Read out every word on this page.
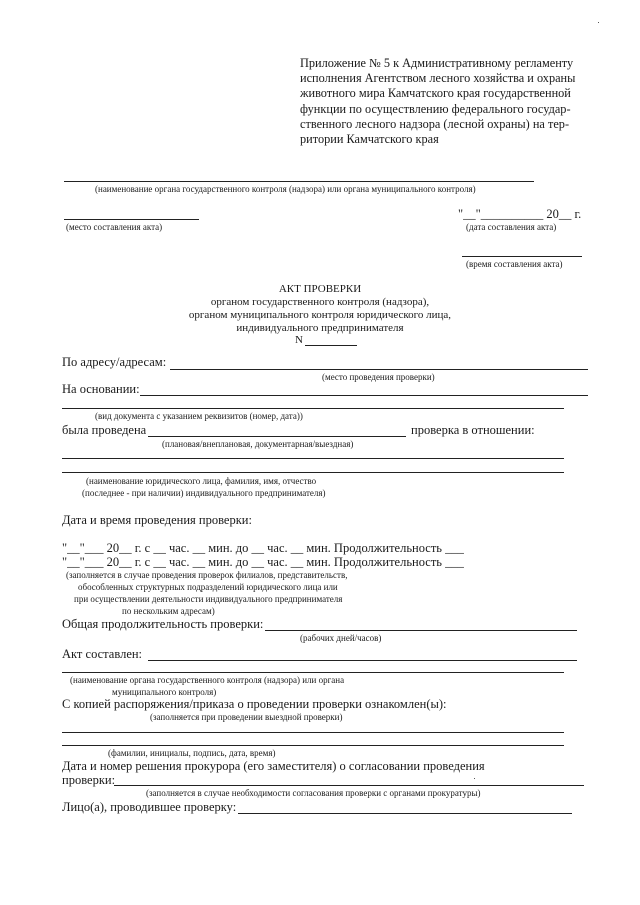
Приложение № 5 к Административному регламенту
исполнения Агентством лесного хозяйства и охраны
животного мира Камчатского края государственной
функции по осуществлению федерального государ-
ственного лесного надзора (лесной охраны) на тер-
ритории Камчатского края
(наименование органа государственного контроля (надзора) или органа муниципального контроля)
"__"__________ 20__ г.
(место составления акта)	(дата составления акта)
(время составления акта)
АКТ ПРОВЕРКИ
органом государственного контроля (надзора),
органом муниципального контроля юридического лица,
индивидуального предпринимателя
N
По адресу/адресам:
(место проведения проверки)
На основании:
(вид документа с указанием реквизитов (номер, дата))
была проведена	проверка в отношении:
(плановая/внеплановая, документарная/выездная)
(наименование юридического лица, фамилия, имя, отчество
(последнее - при наличии) индивидуального предпринимателя)
Дата и время проведения проверки:
"__"___ 20__ г. с __ час. __ мин. до __ час. __ мин. Продолжительность ___
"__"___ 20__ г. с __ час. __ мин. до __ час. __ мин. Продолжительность ___
(заполняется в случае проведения проверок филиалов, представительств,
обособленных структурных подразделений юридического лица или
при осуществлении деятельности индивидуального предпринимателя
по нескольким адресам)
Общая продолжительность проверки:
(рабочих дней/часов)
Акт составлен:
(наименование органа государственного контроля (надзора) или органа
муниципального контроля)
С копией распоряжения/приказа о проведении проверки ознакомлен(ы):
(заполняется при проведении выездной проверки)
(фамилии, инициалы, подпись, дата, время)
Дата и номер решения прокурора (его заместителя) о согласовании проведения
проверки:
(заполняется в случае необходимости согласования проверки с органами прокуратуры)
Лицо(а), проводившее проверку:
